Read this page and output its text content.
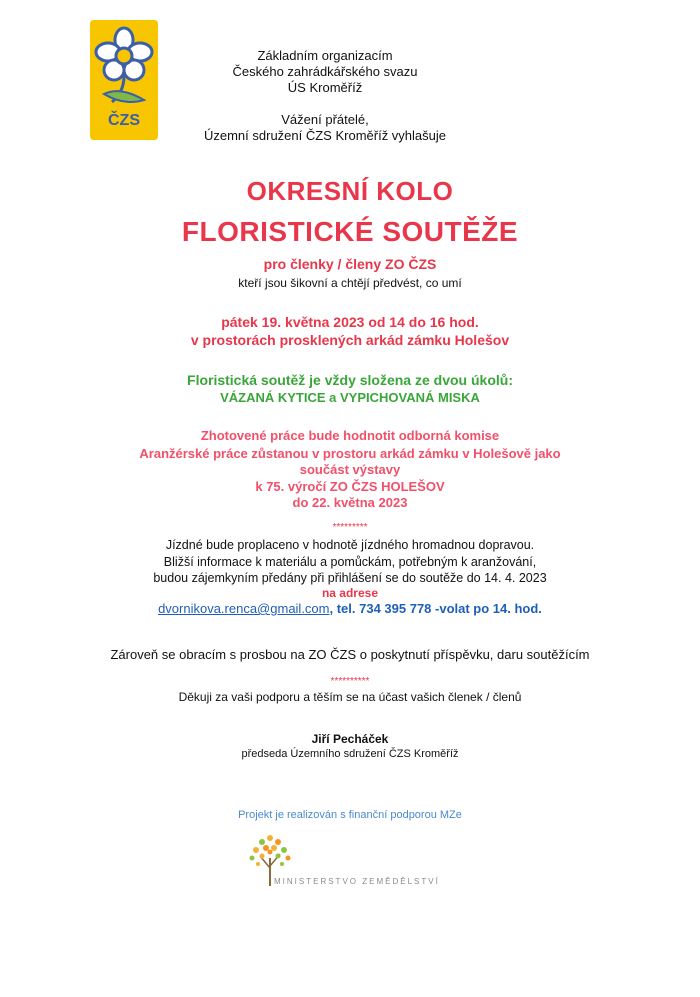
ČZS
Základním organizacím
Českého zahrádkářského svazu
ÚS Kroměříž
Vážení přátelé,
Územní sdružení ČZS Kroměříž vyhlašuje
OKRESNÍ KOLO
FLORISTICKÉ SOUTĚŽE
pro členky / členy ZO ČZS
kteří jsou šikovní a chtějí předvést, co umí
pátek 19. května 2023 od 14 do 16 hod.
v prostorách prosklených arkád zámku Holešov
Floristická soutěž je vždy složena ze dvou úkolů:
VÁZANÁ KYTICE a VYPICHOVANÁ MISKA
Zhotovené práce bude hodnotit odborná komise
Aranžérské práce zůstanou v prostoru arkád zámku v Holešově jako
součást výstavy
k 75. výročí ZO ČZS HOLEŠOV
do 22. května 2023
*********
Jízdné bude proplaceno v hodnotě jízdného hromadnou dopravou.
Bližší informace k materiálu a pomůckám, potřebným k aranžování,
budou zájemkyním předány při přihlášení se do soutěže do 14. 4. 2023
na adrese
dvornikova.renca@gmail.com, tel. 734 395 778 -volat po 14. hod.
Zároveň se obracím s prosbou na ZO ČZS o poskytnutí příspěvku, daru soutěžícím
**********
Děkuji za vaši podporu a těším se na účast vašich členek / členů
Jiří Pecháček
předseda Územního sdružení ČZS Kroměříž
Projekt je realizován s finanční podporou MZe
MINISTERSTVO ZEMĚDĚLSTVÍ
